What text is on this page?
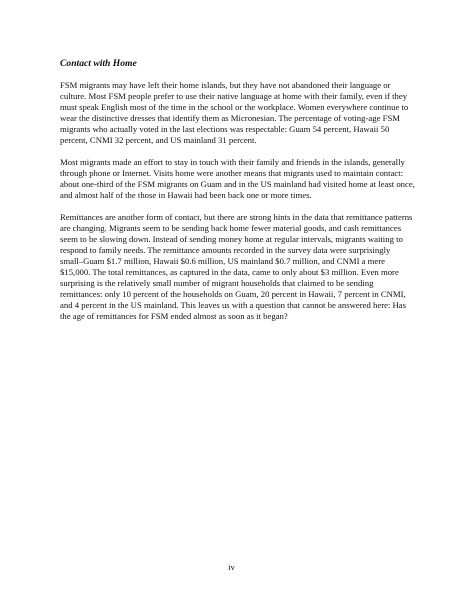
Contact with Home

FSM migrants may have left their home islands, but they have not abandoned their language or culture. Most FSM people prefer to use their native language at home with their family, even if they must speak English most of the time in the school or the workplace. Women everywhere continue to wear the distinctive dresses that identify them as Micronesian. The percentage of voting-age FSM migrants who actually voted in the last elections was respectable: Guam 54 percent, Hawaii 50 percent, CNMI 32 percent, and US mainland 31 percent.

Most migrants made an effort to stay in touch with their family and friends in the islands, generally through phone or Internet. Visits home were another means that migrants used to maintain contact: about one-third of the FSM migrants on Guam and in the US mainland had visited home at least once, and almost half of the those in Hawaii had been back one or more times.

Remittances are another form of contact, but there are strong hints in the data that remittance patterns are changing. Migrants seem to be sending back home fewer material goods, and cash remittances seem to be slowing down. Instead of sending money home at regular intervals, migrants waiting to respond to family needs. The remittance amounts recorded in the survey data were surprisingly small–Guam $1.7 million, Hawaii $0.6 million, US mainland $0.7 million, and CNMI a mere $15,000. The total remittances, as captured in the data, came to only about $3 million. Even more surprising is the relatively small number of migrant households that claimed to be sending remittances: only 10 percent of the households on Guam, 20 percent in Hawaii, 7 percent in CNMI, and 4 percent in the US mainland. This leaves us with a question that cannot be answered here: Has the age of remittances for FSM ended almost as soon as it began?

iv
